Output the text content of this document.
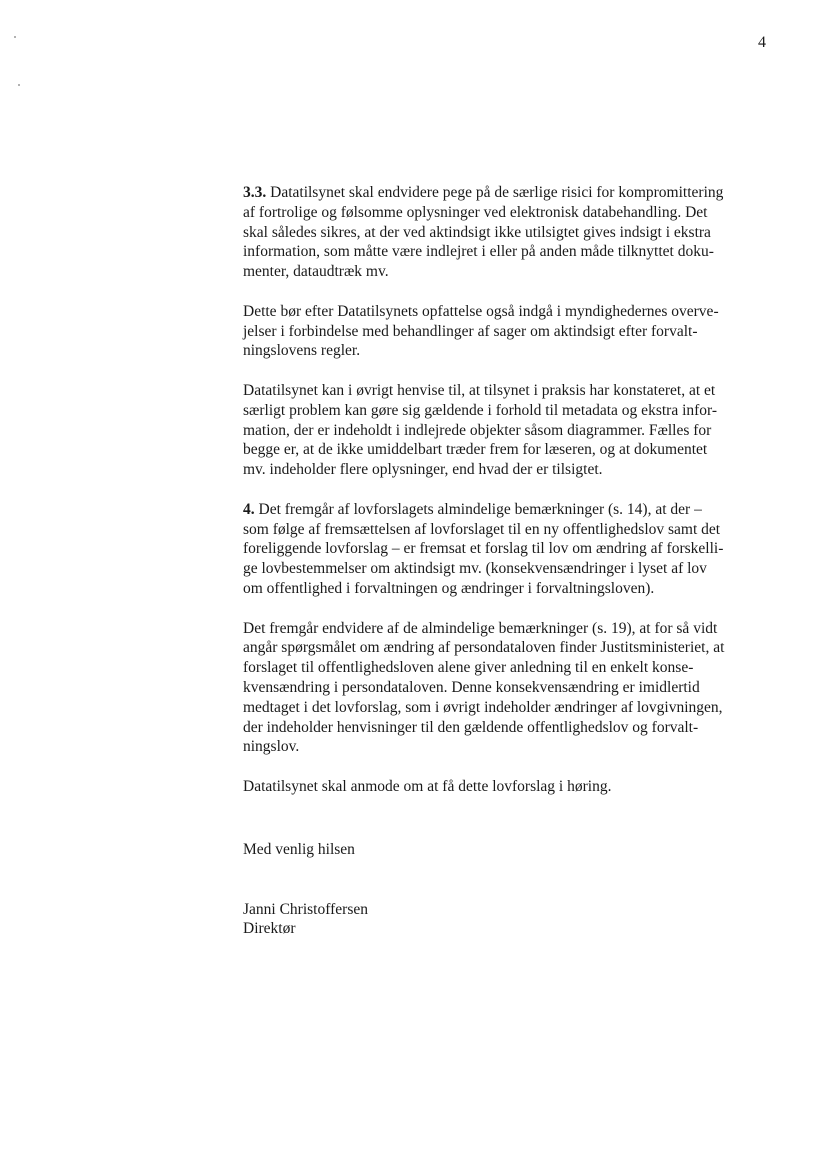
4

3.3. Datatilsynet skal endvidere pege på de særlige risici for kompromittering
af fortrolige og følsomme oplysninger ved elektronisk databehandling. Det
skal således sikres, at der ved aktindsigt ikke utilsigtet gives indsigt i ekstra
information, som måtte være indlejret i eller på anden måde tilknyttet doku-
menter, dataudtræk mv.

Dette bør efter Datatilsynets opfattelse også indgå i myndighedernes overve-
jelser i forbindelse med behandlinger af sager om aktindsigt efter forvalt-
ningslovens regler.

Datatilsynet kan i øvrigt henvise til, at tilsynet i praksis har konstateret, at et
særligt problem kan gøre sig gældende i forhold til metadata og ekstra infor-
mation, der er indeholdt i indlejrede objekter såsom diagrammer. Fælles for
begge er, at de ikke umiddelbart træder frem for læseren, og at dokumentet
mv. indeholder flere oplysninger, end hvad der er tilsigtet.

4. Det fremgår af lovforslagets almindelige bemærkninger (s. 14), at der –
som følge af fremsættelsen af lovforslaget til en ny offentlighedslov samt det
foreliggende lovforslag – er fremsat et forslag til lov om ændring af forskelli-
ge lovbestemmelser om aktindsigt mv. (konsekvensændringer i lyset af lov
om offentlighed i forvaltningen og ændringer i forvaltningsloven).

Det fremgår endvidere af de almindelige bemærkninger (s. 19), at for så vidt
angår spørgsmålet om ændring af persondataloven finder Justitsministeriet, at
forslaget til offentlighedsloven alene giver anledning til en enkelt konse-
kvensændring i persondataloven. Denne konsekvensændring er imidlertid
medtaget i det lovforslag, som i øvrigt indeholder ændringer af lovgivningen,
der indeholder henvisninger til den gældende offentlighedslov og forvalt-
ningslov.

Datatilsynet skal anmode om at få dette lovforslag i høring.

Med venlig hilsen
Janni Christoffersen
Direktør
